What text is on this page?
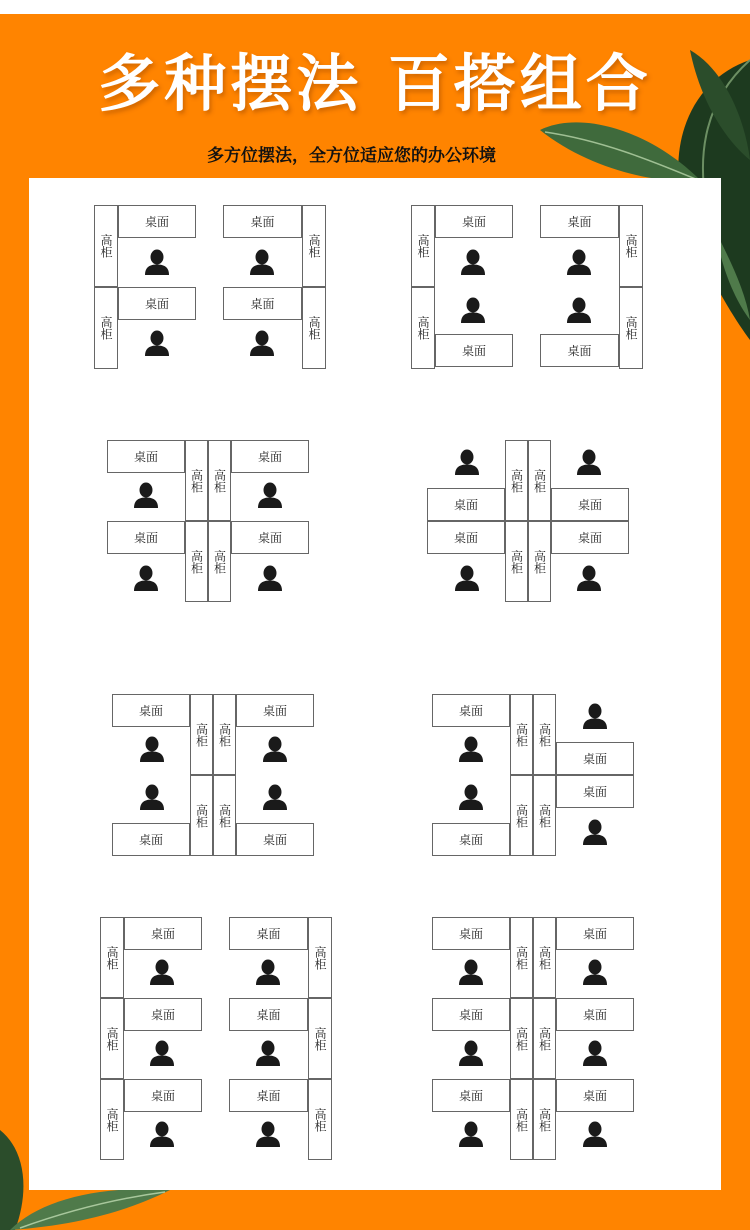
多种摆法 百搭组合
多方位摆法，全方位适应您的办公环境
高柜
高柜
桌面
桌面
桌面
桌面
高柜
高柜
高柜
高柜
桌面
桌面
桌面
桌面
高柜
高柜
桌面
桌面
高柜 高柜
高柜 高柜
桌面
桌面
高柜 高柜
高柜 高柜
桌面
桌面
桌面
桌面
桌面
桌面
高柜 高柜
高柜 高柜
桌面
桌面
桌面
桌面
高柜 高柜
高柜 高柜
桌面
桌面
高柜
桌面	桌面
高柜
高柜
桌面	桌面
高柜
高柜
桌面	桌面
高柜
桌面
高柜 高柜
桌面
桌面
高柜 高柜
桌面
桌面
高柜 高柜
桌面
